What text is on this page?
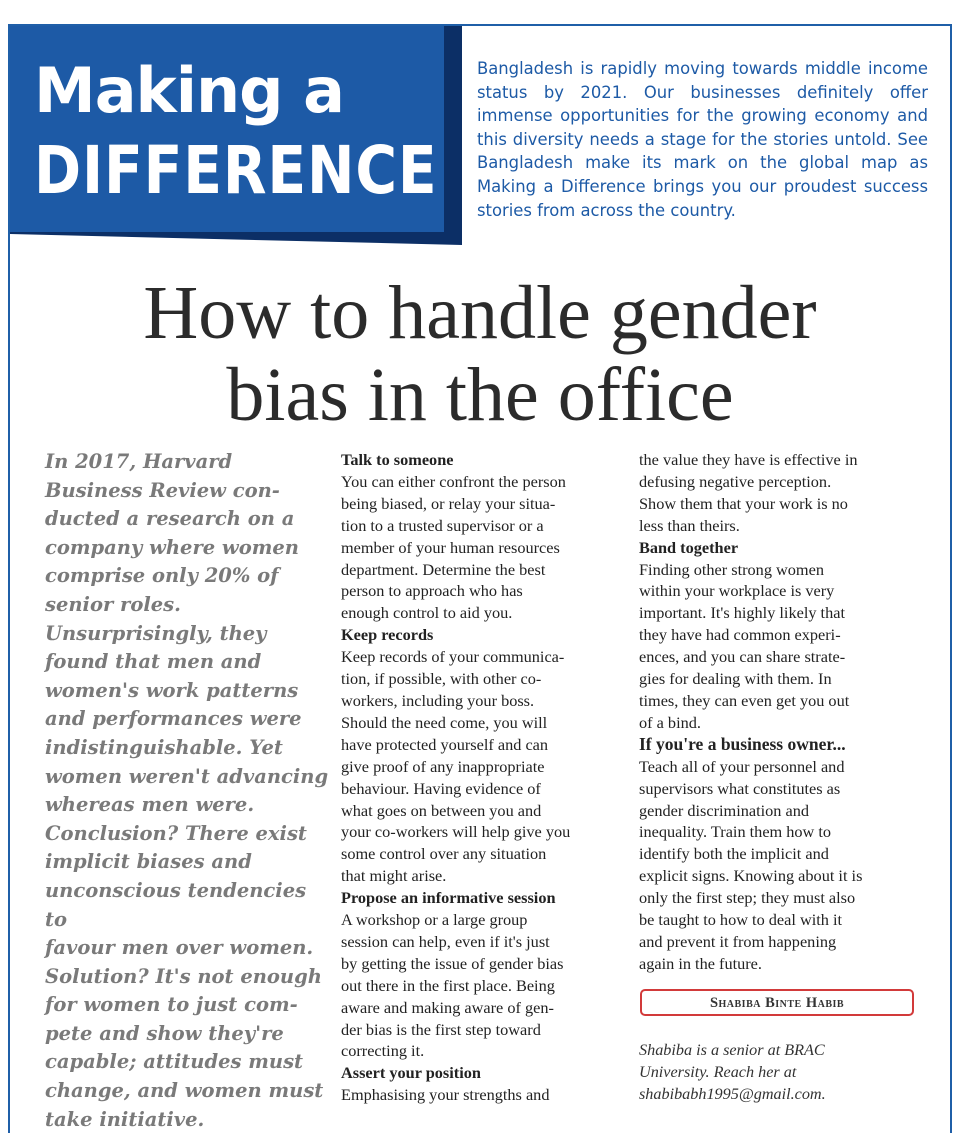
Making a
DIFFERENCE
Bangladesh is rapidly moving towards middle income status by 2021. Our businesses definitely offer immense opportunities for the growing economy and this diversity needs a stage for the stories untold. See Bangladesh make its mark on the global map as Making a Difference brings you our proudest success stories from across the country.
How to handle gender
bias in the office

In 2017, Harvard

Business Review con-

ducted a research on a

company where women

comprise only 20% of

senior roles.

Unsurprisingly, they

found that men and

women's work patterns

and performances were

indistinguishable. Yet

women weren't advancing

whereas men were.

Conclusion? There exist

implicit biases and

unconscious tendencies to

favour men over women.

Solution? It's not enough

for women to just com-

pete and show they're

capable; attitudes must

change, and women must

take initiative.

Talk to someone

You can either confront the person

being biased, or relay your situa-

tion to a trusted supervisor or a

member of your human resources

department. Determine the best

person to approach who has

enough control to aid you.

Keep records

Keep records of your communica-

tion, if possible, with other co-

workers, including your boss.

Should the need come, you will

have protected yourself and can

give proof of any inappropriate

behaviour. Having evidence of

what goes on between you and

your co-workers will help give you

some control over any situation

that might arise.

Propose an informative session

A workshop or a large group

session can help, even if it's just

by getting the issue of gender bias

out there in the first place. Being

aware and making aware of gen-

der bias is the first step toward

correcting it.

Assert your position

Emphasising your strengths and

the value they have is effective in

defusing negative perception.

Show them that your work is no

less than theirs.

Band together

Finding other strong women

within your workplace is very

important. It's highly likely that

they have had common experi-

ences, and you can share strate-

gies for dealing with them. In

times, they can even get you out

of a bind.

If you're a business owner...

Teach all of your personnel and

supervisors what constitutes as

gender discrimination and

inequality. Train them how to

identify both the implicit and

explicit signs. Knowing about it is

only the first step; they must also

be taught to how to deal with it

and prevent it from happening

again in the future.

Shabiba Binte Habib

Shabiba is a senior at BRAC

University. Reach her at

shabibabh1995@gmail.com.
